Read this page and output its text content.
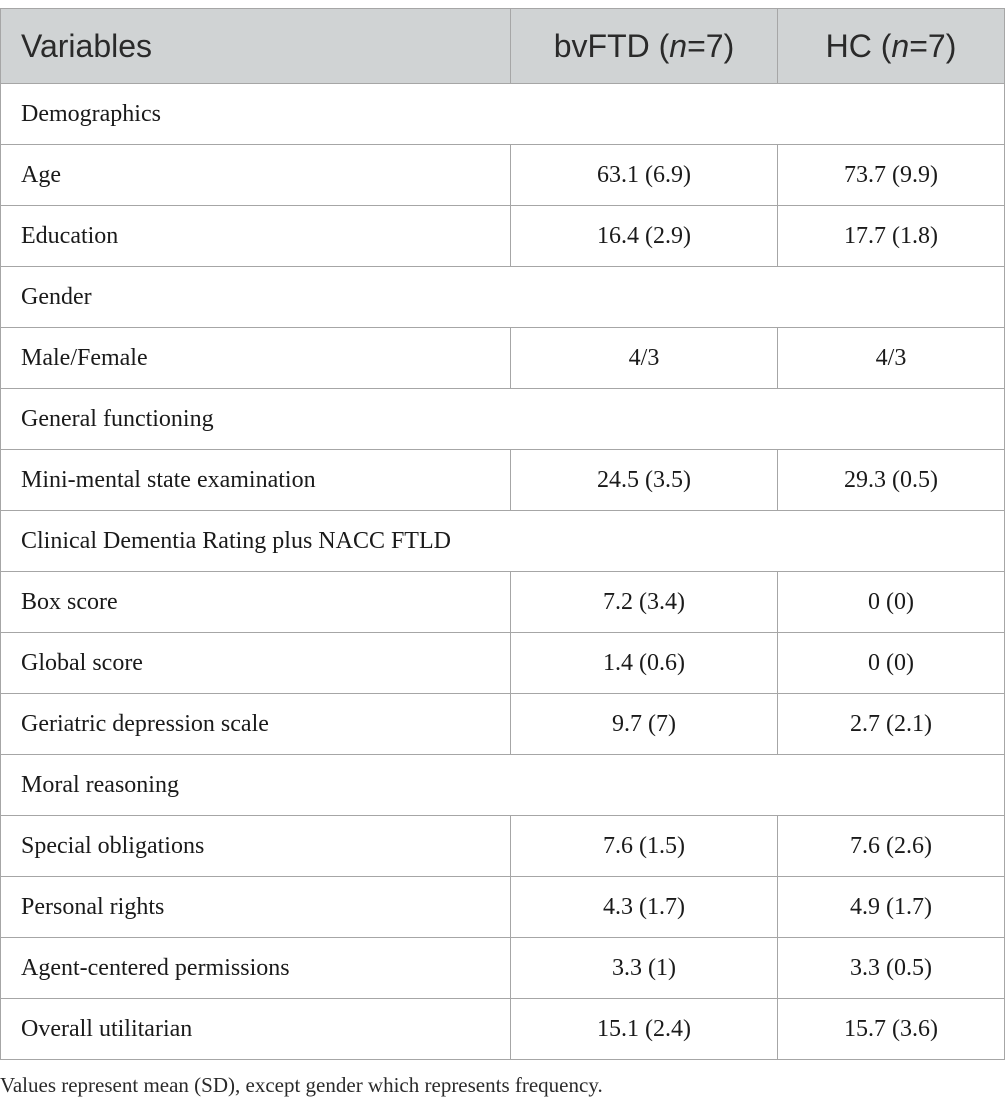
Variables	bvFTD (n=7)	HC (n=7)
Demographics		
Age	63.1 (6.9)	73.7 (9.9)
Education	16.4 (2.9)	17.7 (1.8)
Gender		
Male/Female	4/3	4/3
General functioning		
Mini-mental state examination	24.5 (3.5)	29.3 (0.5)
Clinical Dementia Rating plus NACC FTLD		
Box score	7.2 (3.4)	0 (0)
Global score	1.4 (0.6)	0 (0)
Geriatric depression scale	9.7 (7)	2.7 (2.1)
Moral reasoning		
Special obligations	7.6 (1.5)	7.6 (2.6)
Personal rights	4.3 (1.7)	4.9 (1.7)
Agent-centered permissions	3.3 (1)	3.3 (0.5)
Overall utilitarian	15.1 (2.4)	15.7 (3.6)
Values represent mean (SD), except gender which represents frequency.
